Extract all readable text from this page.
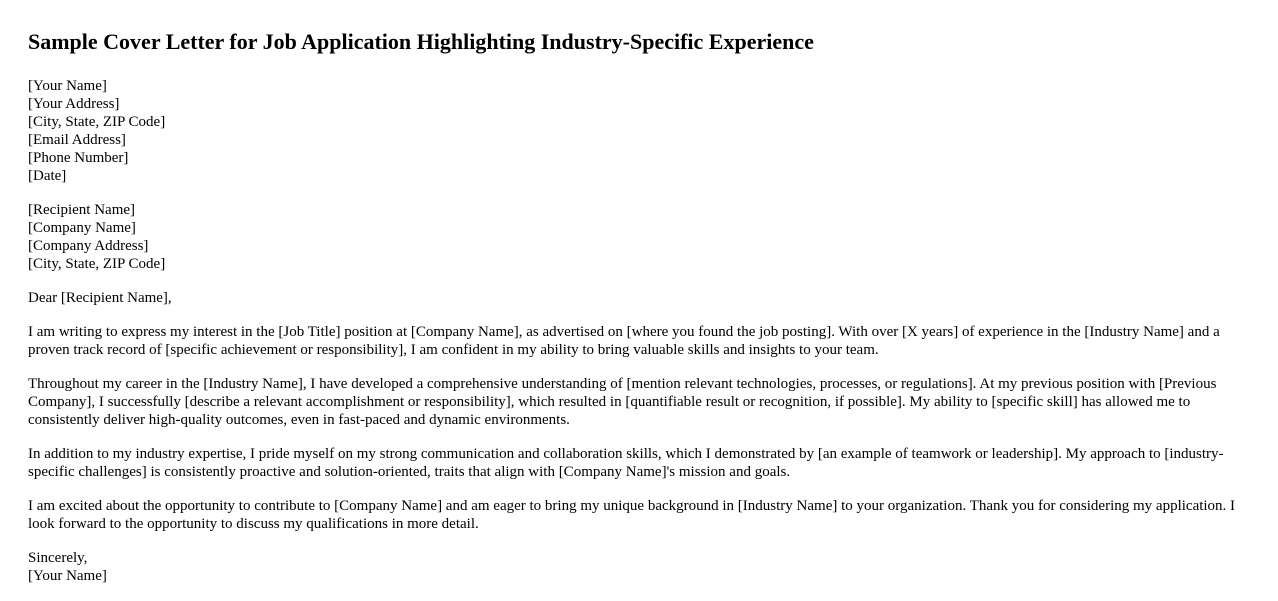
Sample Cover Letter for Job Application Highlighting Industry-Specific Experience
[Your Name]
[Your Address]
[City, State, ZIP Code]
[Email Address]
[Phone Number]
[Date]
[Recipient Name]
[Company Name]
[Company Address]
[City, State, ZIP Code]
Dear [Recipient Name],
I am writing to express my interest in the [Job Title] position at [Company Name], as advertised on [where you found the job posting]. With over [X years] of experience in the [Industry Name] and a proven track record of [specific achievement or responsibility], I am confident in my ability to bring valuable skills and insights to your team.
Throughout my career in the [Industry Name], I have developed a comprehensive understanding of [mention relevant technologies, processes, or regulations]. At my previous position with [Previous Company], I successfully [describe a relevant accomplishment or responsibility], which resulted in [quantifiable result or recognition, if possible]. My ability to [specific skill] has allowed me to consistently deliver high-quality outcomes, even in fast-paced and dynamic environments.
In addition to my industry expertise, I pride myself on my strong communication and collaboration skills, which I demonstrated by [an example of teamwork or leadership]. My approach to [industry-specific challenges] is consistently proactive and solution-oriented, traits that align with [Company Name]'s mission and goals.
I am excited about the opportunity to contribute to [Company Name] and am eager to bring my unique background in [Industry Name] to your organization. Thank you for considering my application. I look forward to the opportunity to discuss my qualifications in more detail.
Sincerely,
[Your Name]
